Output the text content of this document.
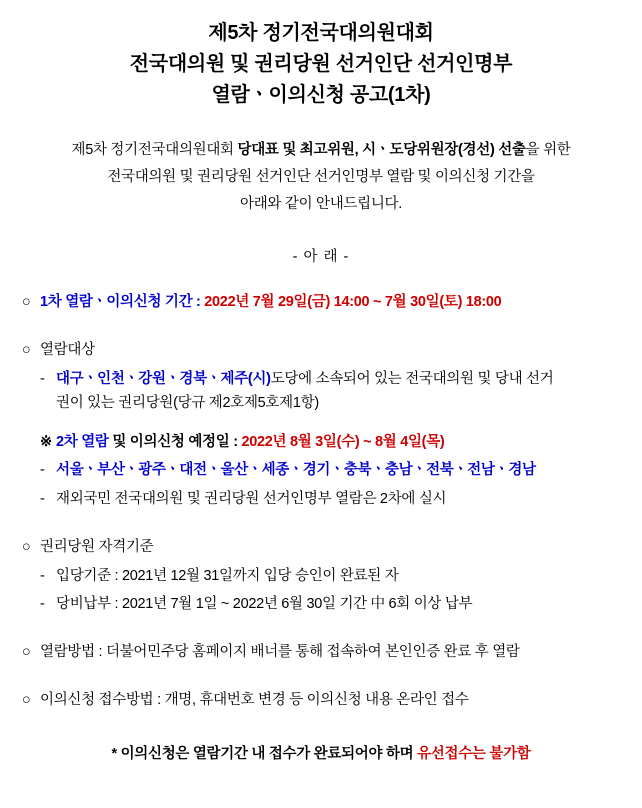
제5차 정기전국대의원대회
전국대의원 및 권리당원 선거인단 선거인명부
열람ㆍ이의신청 공고(1차)
제5차 정기전국대의원대회 당대표 및 최고위원, 시ㆍ도당위원장(경선) 선출을 위한
전국대의원 및 권리당원 선거인단 선거인명부 열람 및 이의신청 기간을
아래와 같이 안내드립니다.
- 아 래 -
○ 1차 열람ㆍ이의신청 기간 : 2022년 7월 29일(금) 14:00 ~ 7월 30일(토) 18:00
○ 열람대상
- 대구ㆍ인천ㆍ강원ㆍ경북ㆍ제주(시)도당에 소속되어 있는 전국대의원 및 당내 선거
권이 있는 권리당원(당규 제2호제5호제1항)
※ 2차 열람 및 이의신청 예정일 : 2022년 8월 3일(수) ~ 8월 4일(목)
- 서울ㆍ부산ㆍ광주ㆍ대전ㆍ울산ㆍ세종ㆍ경기ㆍ충북ㆍ충남ㆍ전북ㆍ전남ㆍ경남
- 재외국민 전국대의원 및 권리당원 선거인명부 열람은 2차에 실시
○ 권리당원 자격기준
- 입당기준 : 2021년 12월 31일까지 입당 승인이 완료된 자
- 당비납부 : 2021년 7월 1일 ~ 2022년 6월 30일 기간 中 6회 이상 납부
○ 열람방법 : 더불어민주당 홈페이지 배너를 통해 접속하여 본인인증 완료 후 열람
○ 이의신청 접수방법 : 개명, 휴대번호 변경 등 이의신청 내용 온라인 접수
* 이의신청은 열람기간 내 접수가 완료되어야 하며 유선접수는 불가함
